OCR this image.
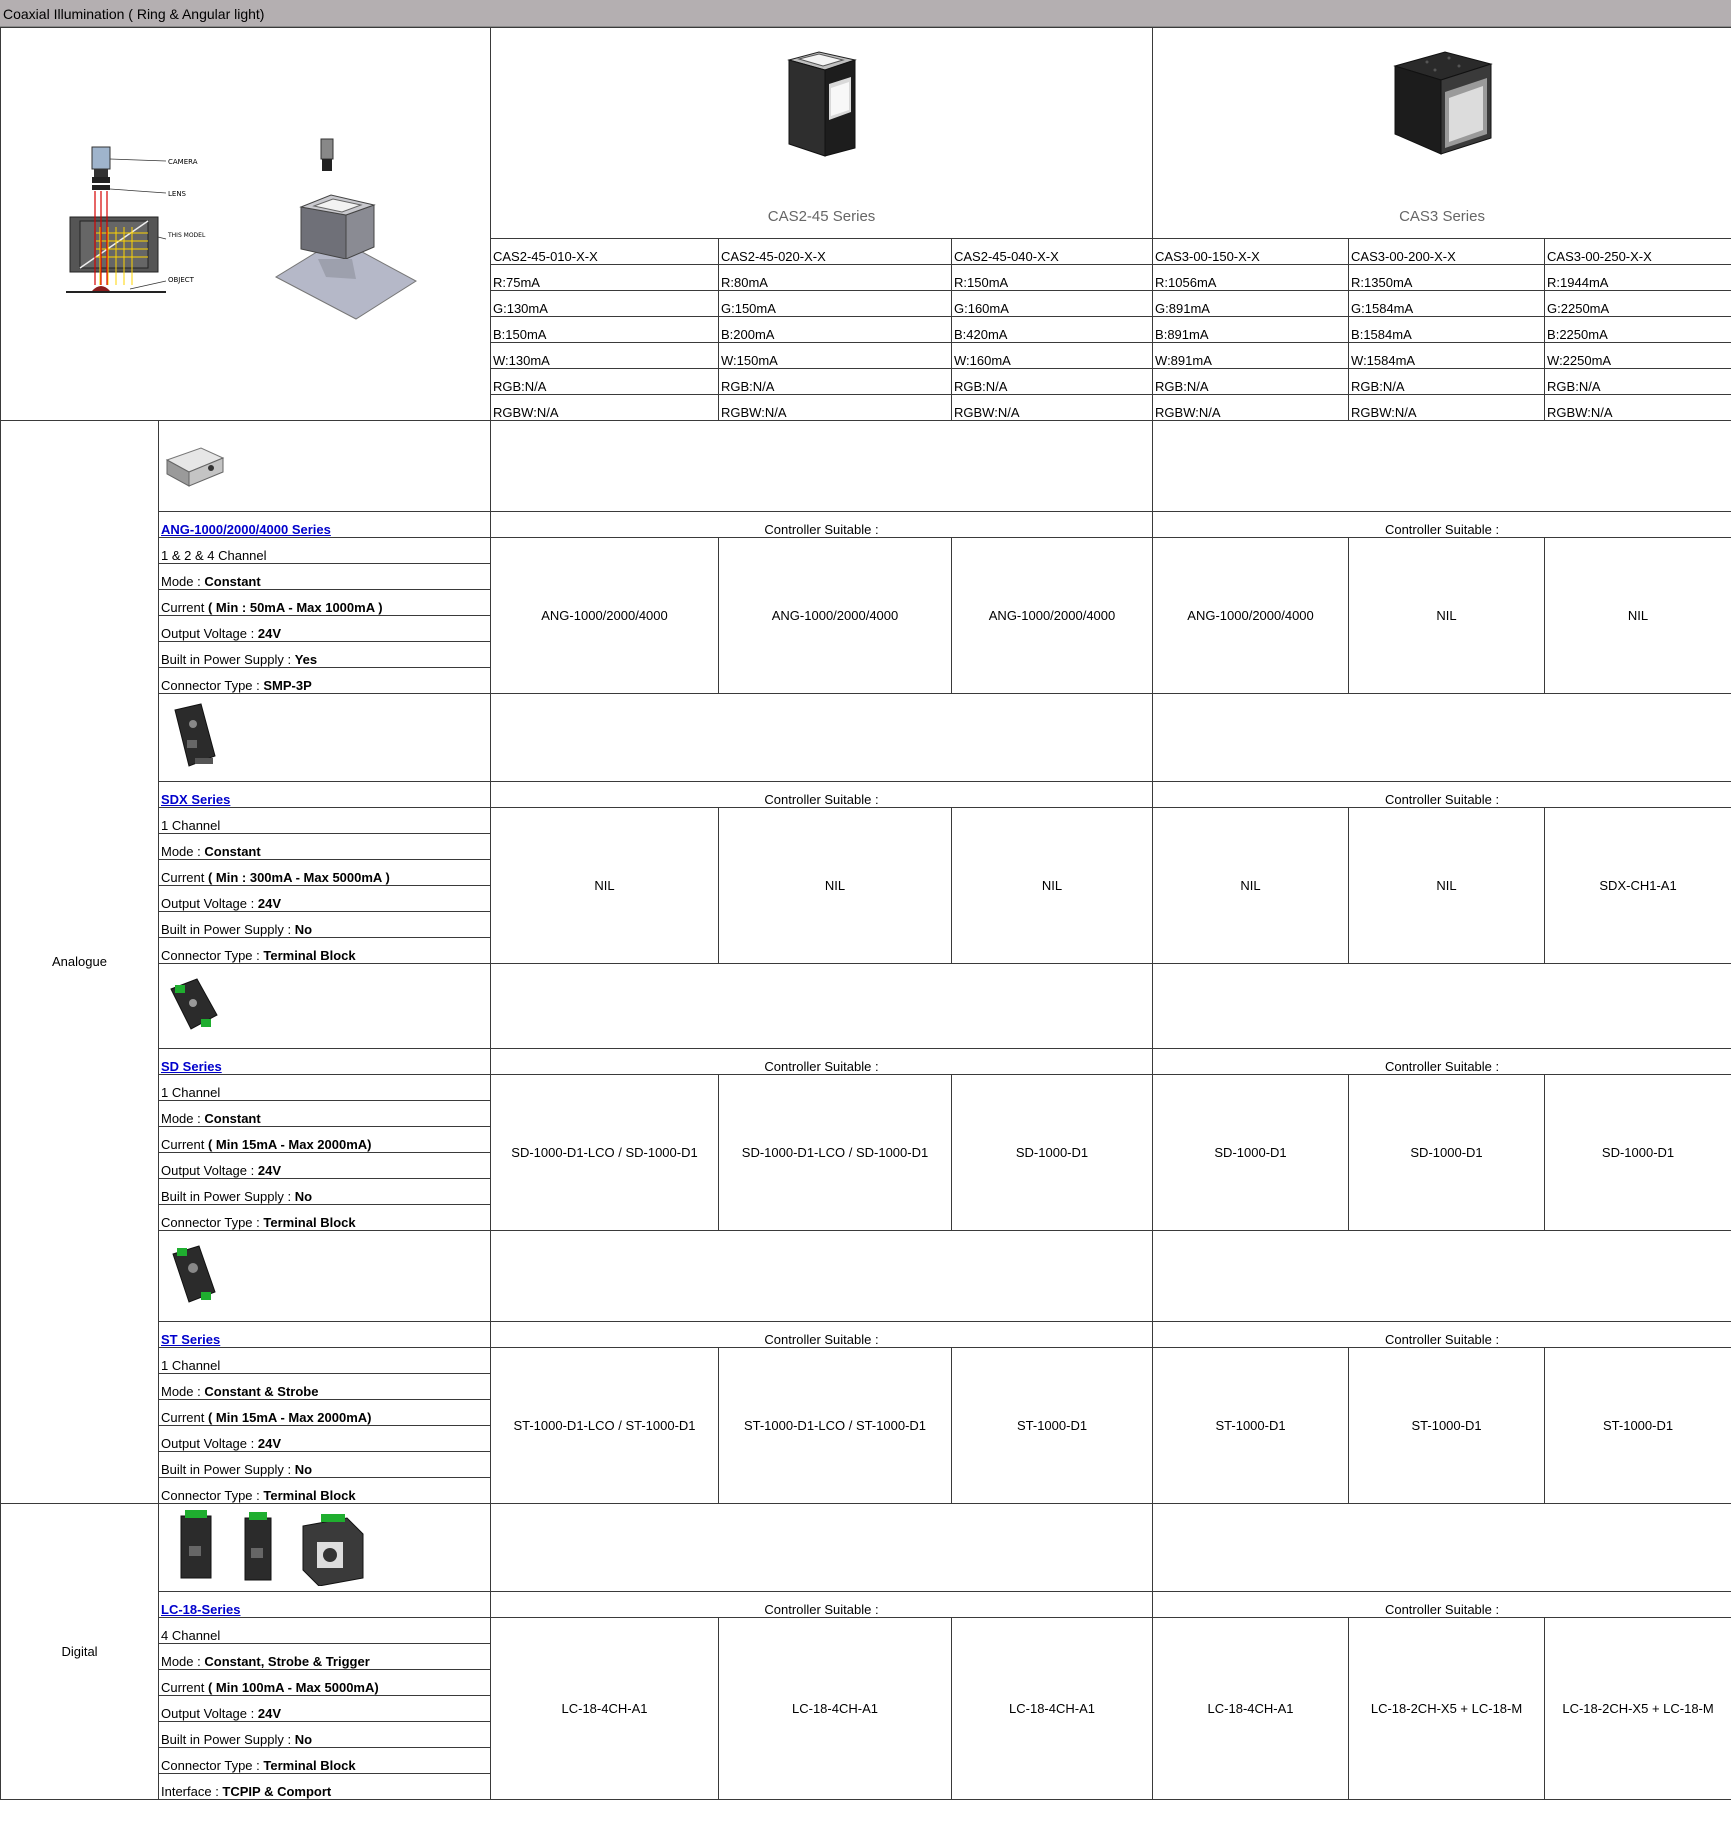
Coaxial Illumination ( Ring & Angular light)
CAMERA
LENS
THIS MODEL
OBJECT		CAS2-45 Series			CAS3 Series		

		CAS2-45-010-X-X	CAS2-45-020-X-X	CAS2-45-040-X-X	CAS3-00-150-X-X	CAS3-00-200-X-X	CAS3-00-250-X-X
		R:75mA	R:80mA	R:150mA	R:1056mA	R:1350mA	R:1944mA
		G:130mA	G:150mA	G:160mA	G:891mA	G:1584mA	G:2250mA
		B:150mA	B:200mA	B:420mA	B:891mA	B:1584mA	B:2250mA
		W:130mA	W:150mA	W:160mA	W:891mA	W:1584mA	W:2250mA
		RGB:N/A	RGB:N/A	RGB:N/A	RGB:N/A	RGB:N/A	RGB:N/A
		RGBW:N/A	RGBW:N/A	RGBW:N/A	RGBW:N/A	RGBW:N/A	RGBW:N/A
Analogue			
	ANG-1000/2000/4000 Series	Controller Suitable :			Controller Suitable :		
	1 & 2 & 4 Channel	ANG-1000/2000/4000	ANG-1000/2000/4000	ANG-1000/2000/4000	ANG-1000/2000/4000	NIL	NIL
	Mode : Constant						
	Current ( Min : 50mA - Max 1000mA )						
	Output Voltage : 24V						
	Built in Power Supply : Yes						
	Connector Type : SMP-3P						

	SDX Series	Controller Suitable :			Controller Suitable :		
	1 Channel	NIL	NIL	NIL	NIL	NIL	SDX-CH1-A1
	Mode : Constant						
	Current ( Min : 300mA - Max 5000mA )						
	Output Voltage : 24V						
	Built in Power Supply : No						
	Connector Type : Terminal Block						

	SD Series	Controller Suitable :			Controller Suitable :		
	1 Channel	SD-1000-D1-LCO / SD-1000-D1	SD-1000-D1-LCO / SD-1000-D1	SD-1000-D1	SD-1000-D1	SD-1000-D1	SD-1000-D1
	Mode : Constant						
	Current ( Min 15mA - Max 2000mA)						
	Output Voltage : 24V						
	Built in Power Supply : No						
	Connector Type : Terminal Block						

	ST Series	Controller Suitable :			Controller Suitable :		
	1 Channel	ST-1000-D1-LCO / ST-1000-D1	ST-1000-D1-LCO / ST-1000-D1	ST-1000-D1	ST-1000-D1	ST-1000-D1	ST-1000-D1
	Mode : Constant & Strobe						
	Current ( Min 15mA - Max 2000mA)						
	Output Voltage : 24V						
	Built in Power Supply : No						
	Connector Type : Terminal Block						
Digital			
	LC-18-Series	Controller Suitable :			Controller Suitable :		
	4 Channel	LC-18-4CH-A1	LC-18-4CH-A1	LC-18-4CH-A1	LC-18-4CH-A1	LC-18-2CH-X5 + LC-18-M	LC-18-2CH-X5 + LC-18-M
	Mode : Constant, Strobe & Trigger						
	Current ( Min 100mA - Max 5000mA)						
	Output Voltage : 24V						
	Built in Power Supply : No						
	Connector Type : Terminal Block						
	Interface : TCPIP & Comport						
